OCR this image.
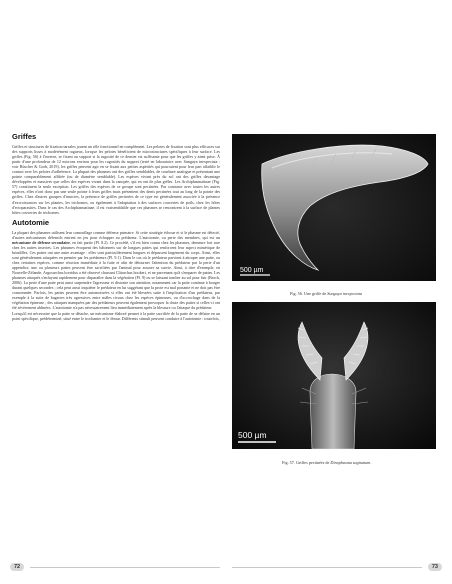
Griffes

Griffes et structures de fixation tarsales jouent un rôle fonctionnel en complément. Les pelotes de fixation sont plus efficaces sur des supports lisses à modérément rugueux, lorsque les pelotes bénéficient de microstructures spécifiques à leur surface. Les griffes (Fig. 56) à l'inverse, se fixent au support si la rugosité de ce dernier est suffisante pour que les griffes y aient prise. À partir d'une profondeur de 12 microns environ pour les rugosités du support (testé en laboratoire avec Sungaya inexpectata : voir Büscher & Gorb, 2019), les griffes peuvent agir en se fixant aux petites aspérités qui pourraient pour leur part affaiblir le contact avec les pelotes d'adhérence. La plupart des phasmes ont des griffes semblables, de courbure analogue et présentant une pointe comparablement affûtée (ou de diamètre semblable). Les espèces vivant près du sol ont des griffes davantage développées et massives que celles des espèces vivant dans la canopée, qui en ont de plus grêles. Les Archiphasmatinae (Fig. 57) constituent la seule exception. Les griffes des espèces de ce groupe sont pectinées. Par contraste avec toutes les autres espèces, elles n'ont donc pas une seule pointe à leurs griffes mais présentent des dents pectinées tout au long de la pointe des griffes. Chez d'autres groupes d'insectes, la présence de griffes pectinées de ce type est généralement associée à la présence d'excroissances sur les plantes, les trichomes, ou également à l'adaptation à des surfaces couvertes de poils, chez les hôtes d'ectoparasites. Dans le cas des Archiphasmatinae, il est vraisemblable que ces phasmes se rencontrent à la surface de plantes hôtes couvertes de trichomes.

Autotomie

La plupart des phasmes utilisent leur camouflage comme défense primaire. Si cette stratégie échoue et si le phasme est détecté, d'autres mécanismes défensifs entrent en jeu pour échapper au prédateur. L'autotomie, ou perte des membres, qui est un mécanisme de défense secondaire, en fait partie (Pl. 8.2). Ce procédé, s'il est bien connu chez les phasmes, demeure fort rare chez les autres insectes. Les phasmes évoquent des bâtonnets sur de longues pattes qui renforcent leur aspect mimétique de brindilles. Ces pattes ont une autre avantage : elles sont particulièrement longues et dépassent largement du corps. Ainsi, elles sont généralement attaquées en premier par les prédateurs (Pl. 9.1). Dans le cas où le prédateur parvient à attraper une patte, ou chez certaines espèces, comme réaction immédiate à la fuite et afin de détourner l'attention du prédateur par la perte d'un appendice, une ou plusieurs pattes peuvent être sacrifiées par l'animal pour assurer sa survie. Ainsi, à titre d'exemple, en Nouvelle-Zélande, Argosarchus horridus a été observé chassant Clitarchus hookeri, et ne parvenant qu'à s'emparer de pattes. Les phasmes attaqués s'enfuyant rapidement pour disparaître dans la végétation (Pl. 9) ou se laissant tomber au sol pour fuir (Brock, 2006). La perte d'une patte peut aussi surprendre l'agresseur et distraire son attention, notamment car la patte continue à bouger durant quelques secondes ; cela peut aussi inquiéter le prédateur en lui suggérant que la proie est mal portante et ne doit pas être consommée. Parfois, les pattes peuvent être automotisées si elles ont été blessées suite à l'implication d'un prédateur, par exemple à la suite de bagarres très agressives entre mâles rivaux chez les espèces épineuses, ou d'accrochage dans de la végétation épineuse ; des attaques manquées par des prédateurs peuvent également provoquer la chute des pattes si celles-ci ont été sévèrement abîmées. L'autotomie n'a pas nécessairement lieu immédiatement après la blessure ou l'attaque du prédateur.

Lorsqu'il est nécessaire que la patte se détache, un mécanisme élaboré permet à la patte sacrifiée de la patte de se défaire en un point spécifique, prédéterminé, situé entre le trochanter et le fémur. Différents stimuli peuvent conduire à l'autotomie : toutefois,

500 µm
Fig. 56. Une griffe de Sungaya inexpectata
500 µm
Fig. 57. Griffes pectinées de Dinophasma saginatum.
72	73
